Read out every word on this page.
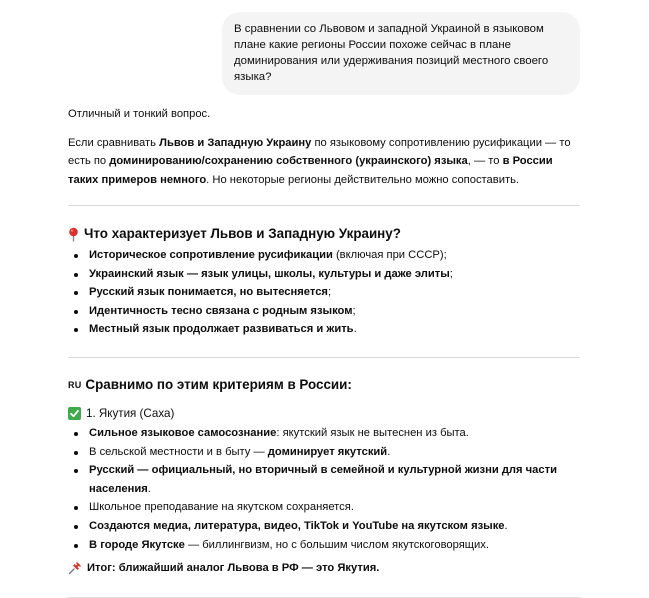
В сравнении со Львовом и западной Украиной в языковом плане какие регионы России похоже сейчас в плане доминирования или удерживания позиций местного своего языка?

Отличный и тонкий вопрос.

Если сравнивать Львов и Западную Украину по языковому сопротивлению русификации — то есть по доминированию/сохранению собственного (украинского) языка, — то в России таких примеров немного. Но некоторые регионы действительно можно сопоставить.

Что характеризует Львов и Западную Украину?
Историческое сопротивление русификации (включая при СССР);
Украинский язык — язык улицы, школы, культуры и даже элиты;
Русский язык понимается, но вытесняется;
Идентичность тесно связана с родным языком;
Местный язык продолжает развиваться и жить.
RU Сравнимо по этим критериям в России:
1. Якутия (Саха)
Сильное языковое самосознание: якутский язык не вытеснен из быта.
В сельской местности и в быту — доминирует якутский.
Русский — официальный, но вторичный в семейной и культурной жизни для части населения.
Школьное преподавание на якутском сохраняется.
Создаются медиа, литература, видео, TikTok и YouTube на якутском языке.
В городе Якутске — биллингвизм, но с большим числом якутскоговорящих.
Итог: ближайший аналог Львова в РФ — это Якутия.
